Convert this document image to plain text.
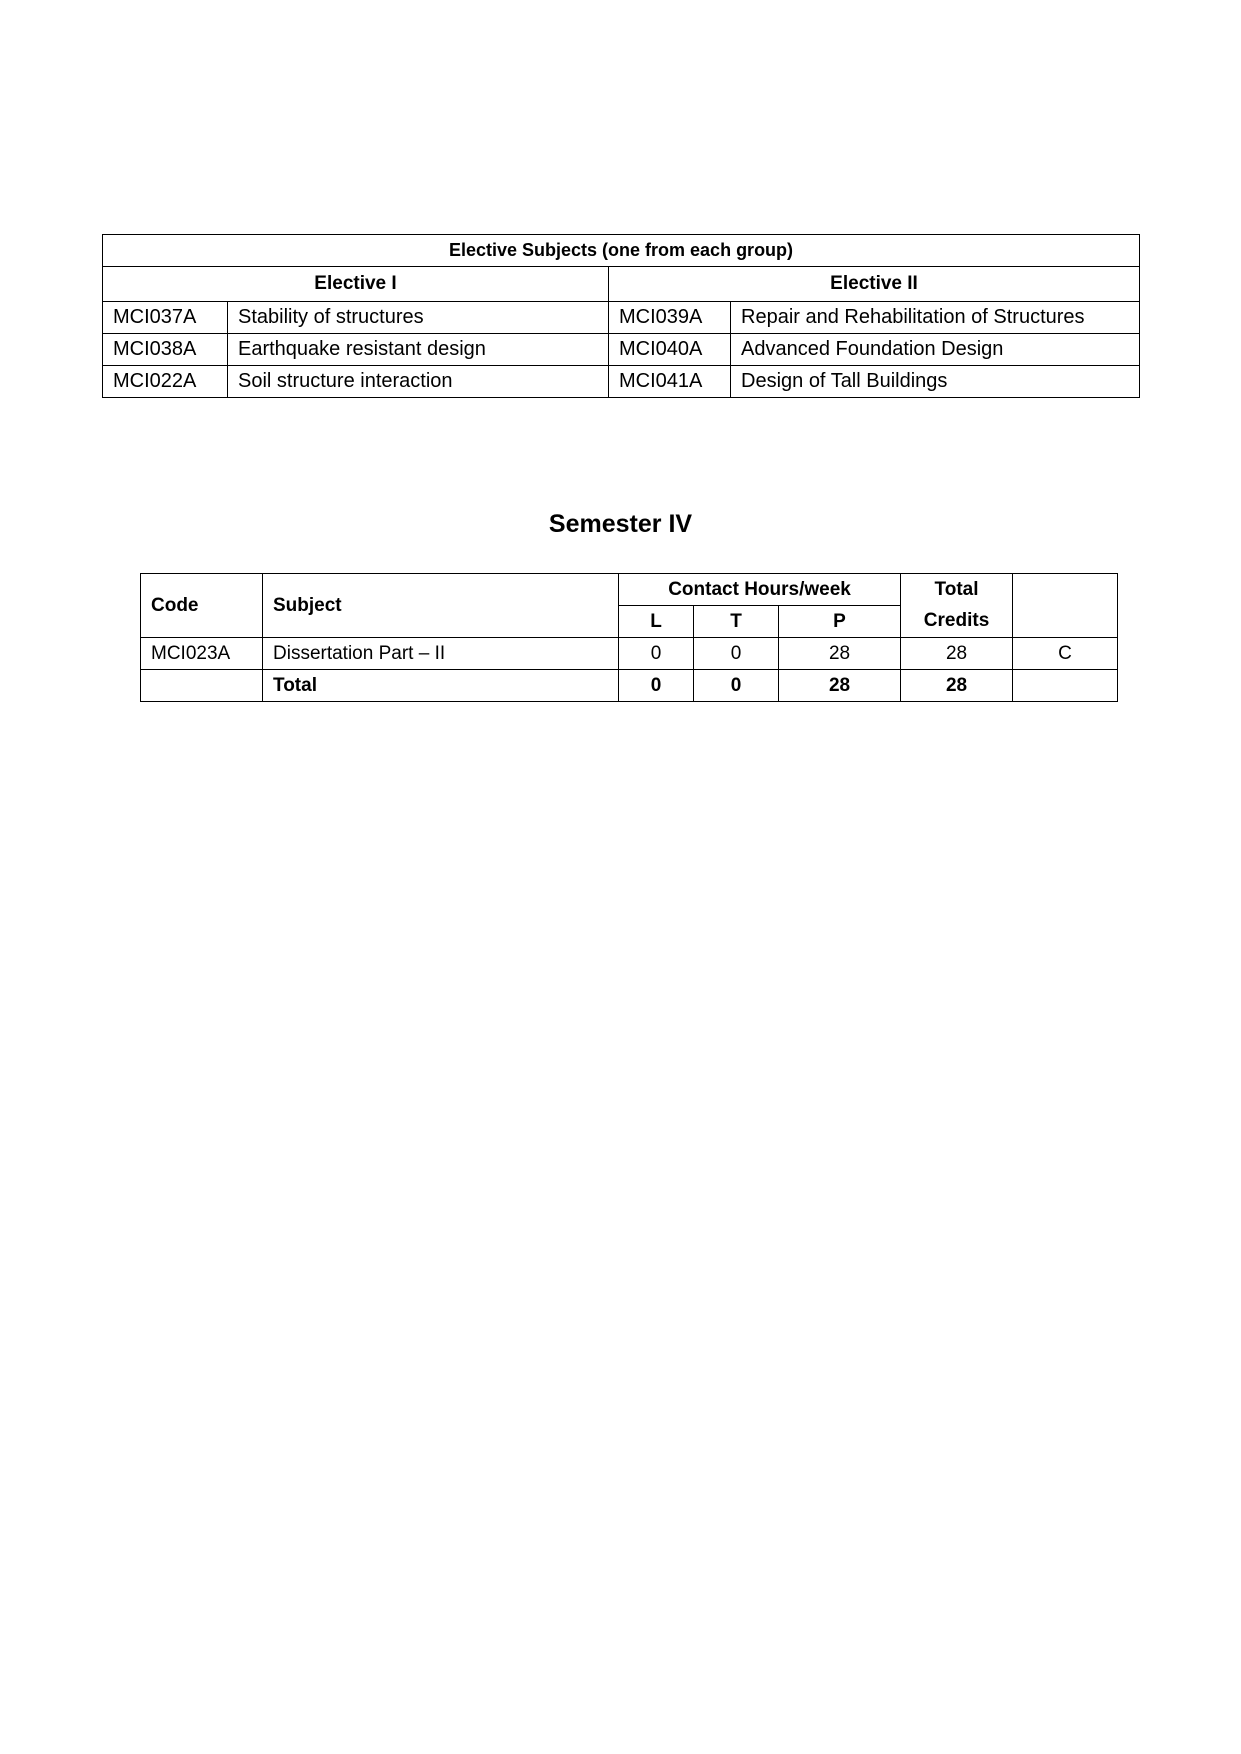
Elective Subjects (one from each group)			
Elective I		Elective II	
MCI037A	Stability of structures	MCI039A	Repair and Rehabilitation of Structures
MCI038A	Earthquake resistant design	MCI040A	Advanced Foundation Design
MCI022A	Soil structure interaction	MCI041A	Design of Tall Buildings
Semester IV
Code	Subject	Contact Hours/week			Total	
		L	T	P	Credits	
MCI023A	Dissertation Part – II	0	0	28	28	C
	Total	0	0	28	28	
